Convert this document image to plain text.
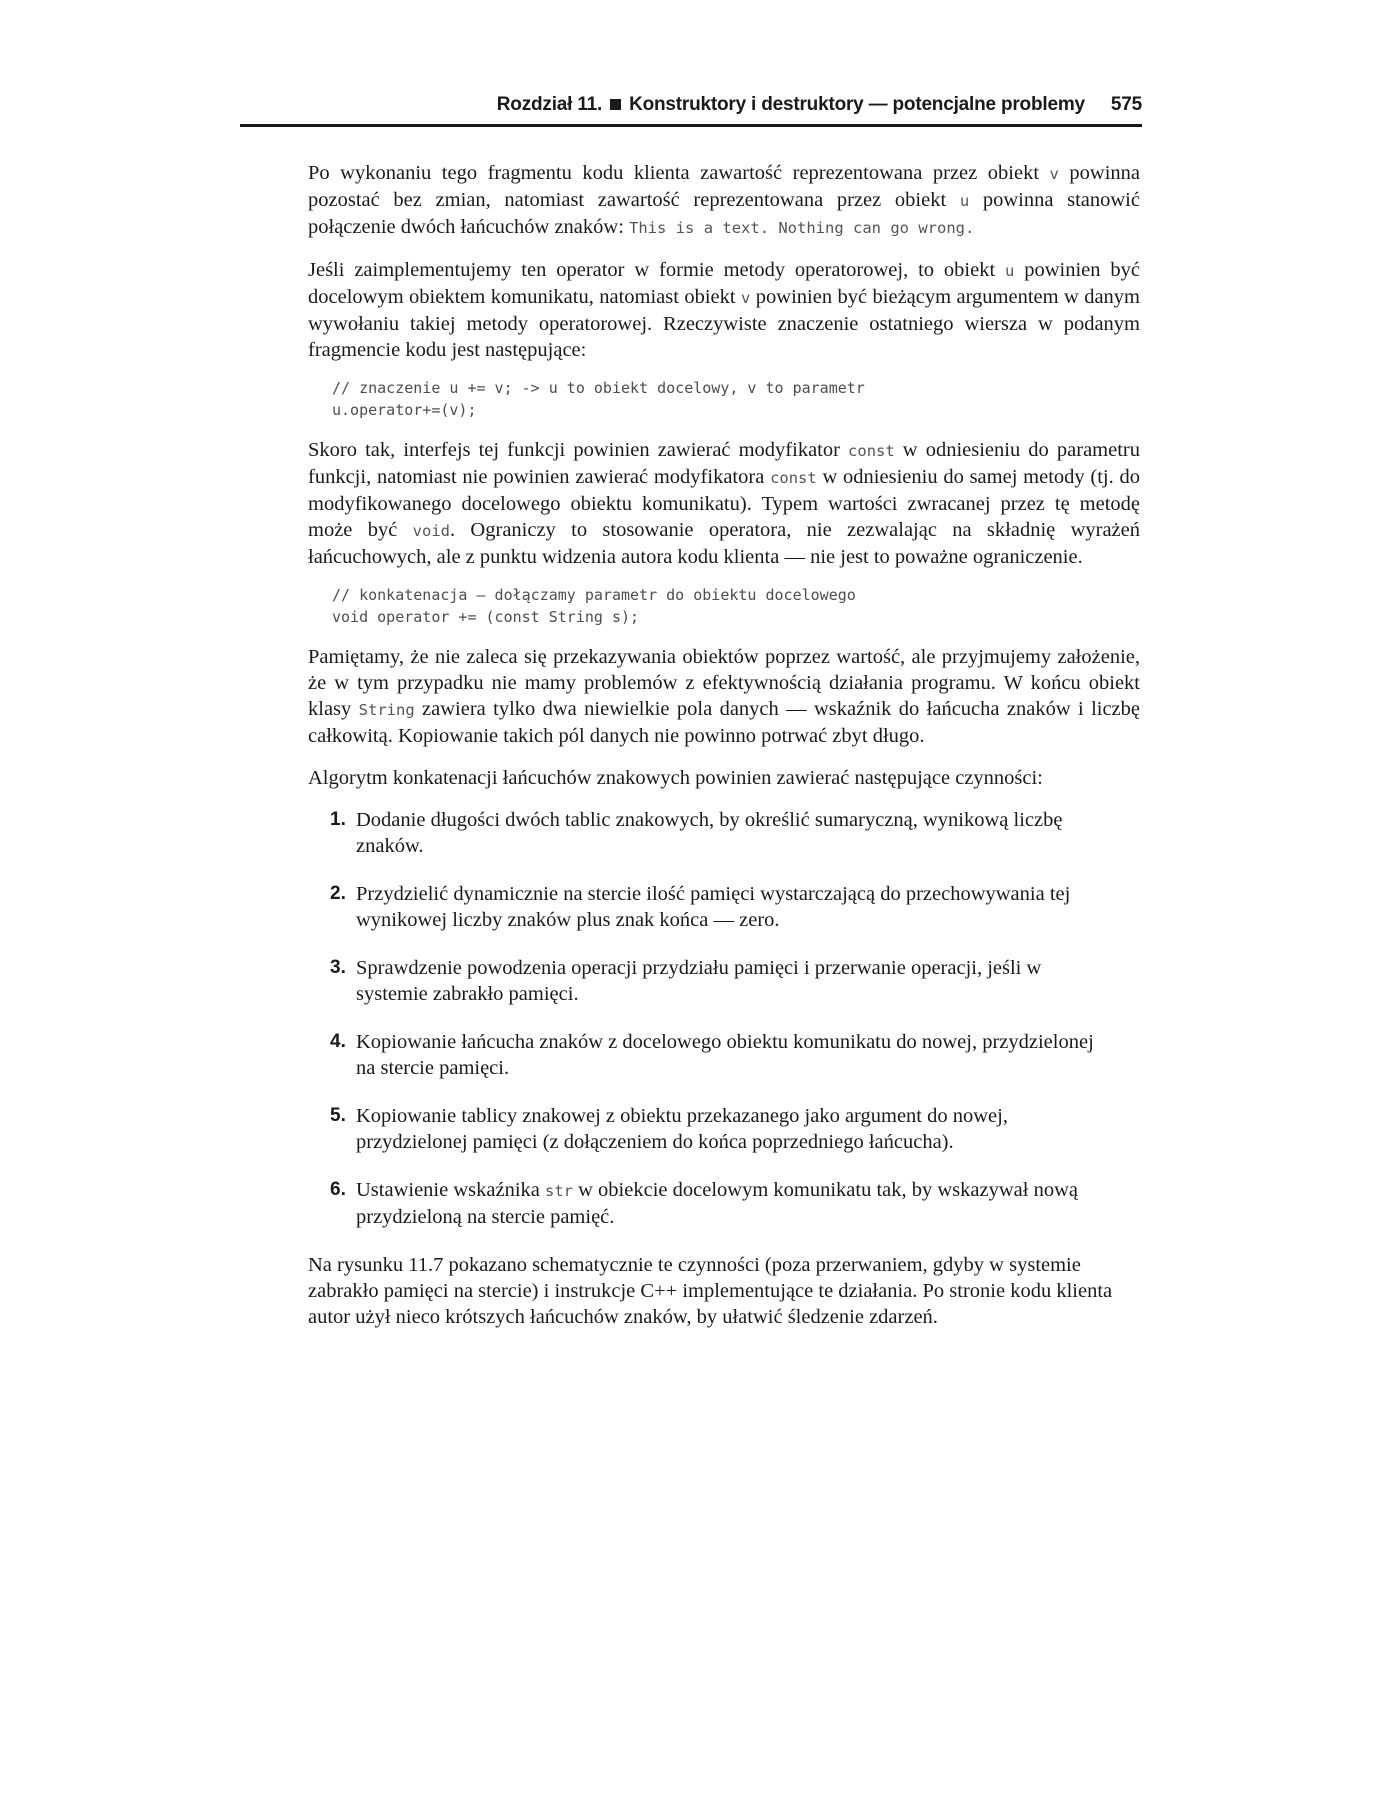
Rozdział 11. Konstruktory i destruktory — potencjalne problemy 575

Po wykonaniu tego fragmentu kodu klienta zawartość reprezentowana przez obiekt v powinna pozostać bez zmian, natomiast zawartość reprezentowana przez obiekt u powinna stanowić połączenie dwóch łańcuchów znaków: This is a text. Nothing can go wrong.

Jeśli zaimplementujemy ten operator w formie metody operatorowej, to obiekt u powinien być docelowym obiektem komunikatu, natomiast obiekt v powinien być bieżącym argumentem w danym wywołaniu takiej metody operatorowej. Rzeczywiste znaczenie ostatniego wiersza w podanym fragmencie kodu jest następujące:

// znaczenie u += v; -> u to obiekt docelowy, v to parametr
u.operator+=(v);

Skoro tak, interfejs tej funkcji powinien zawierać modyfikator const w odniesieniu do parametru funkcji, natomiast nie powinien zawierać modyfikatora const w odniesieniu do samej metody (tj. do modyfikowanego docelowego obiektu komunikatu). Typem wartości zwracanej przez tę metodę może być void. Ograniczy to stosowanie operatora, nie zezwalając na składnię wyrażeń łańcuchowych, ale z punktu widzenia autora kodu klienta — nie jest to poważne ograniczenie.

// konkatenacja — dołączamy parametr do obiektu docelowego
void operator += (const String s);

Pamiętamy, że nie zaleca się przekazywania obiektów poprzez wartość, ale przyjmujemy założenie, że w tym przypadku nie mamy problemów z efektywnością działania programu. W końcu obiekt klasy String zawiera tylko dwa niewielkie pola danych — wskaźnik do łańcucha znaków i liczbę całkowitą. Kopiowanie takich pól danych nie powinno potrwać zbyt długo.

Algorytm konkatenacji łańcuchów znakowych powinien zawierać następujące czynności:

1. Dodanie długości dwóch tablic znakowych, by określić sumaryczną, wynikową liczbę znaków.
2. Przydzielić dynamicznie na stercie ilość pamięci wystarczającą do przechowywania tej wynikowej liczby znaków plus znak końca — zero.
3. Sprawdzenie powodzenia operacji przydziału pamięci i przerwanie operacji, jeśli w systemie zabrakło pamięci.
4. Kopiowanie łańcucha znaków z docelowego obiektu komunikatu do nowej, przydzielonej na stercie pamięci.
5. Kopiowanie tablicy znakowej z obiektu przekazanego jako argument do nowej, przydzielonej pamięci (z dołączeniem do końca poprzedniego łańcucha).
6. Ustawienie wskaźnika str w obiekcie docelowym komunikatu tak, by wskazywał nową przydzieloną na stercie pamięć.

Na rysunku 11.7 pokazano schematycznie te czynności (poza przerwaniem, gdyby w systemie zabrakło pamięci na stercie) i instrukcje C++ implementujące te działania. Po stronie kodu klienta autor użył nieco krótszych łańcuchów znaków, by ułatwić śledzenie zdarzeń.
